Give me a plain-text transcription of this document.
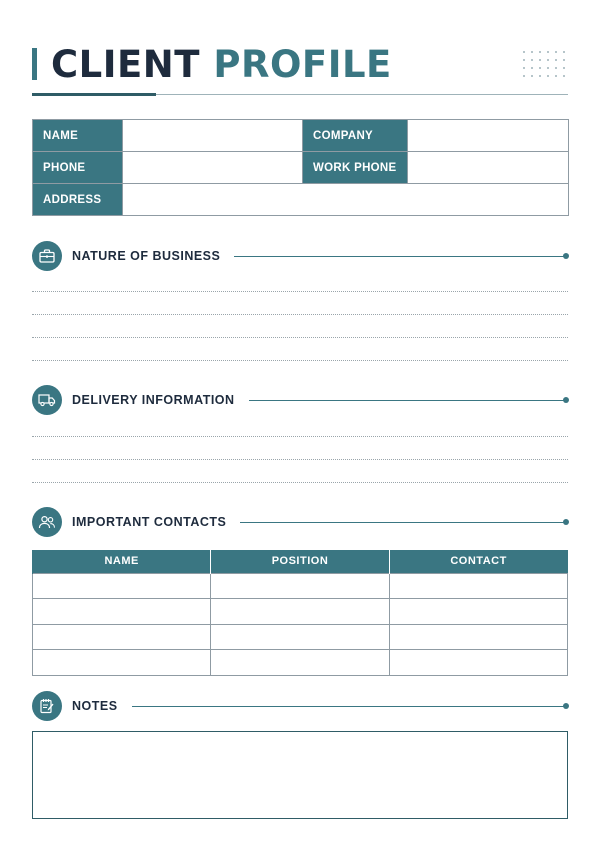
CLIENT PROFILE
NAME		COMPANY	
PHONE		WORK PHONE	
ADDRESS			
NATURE OF BUSINESS
DELIVERY INFORMATION
IMPORTANT CONTACTS
NAME	POSITION	CONTACT

NOTES
